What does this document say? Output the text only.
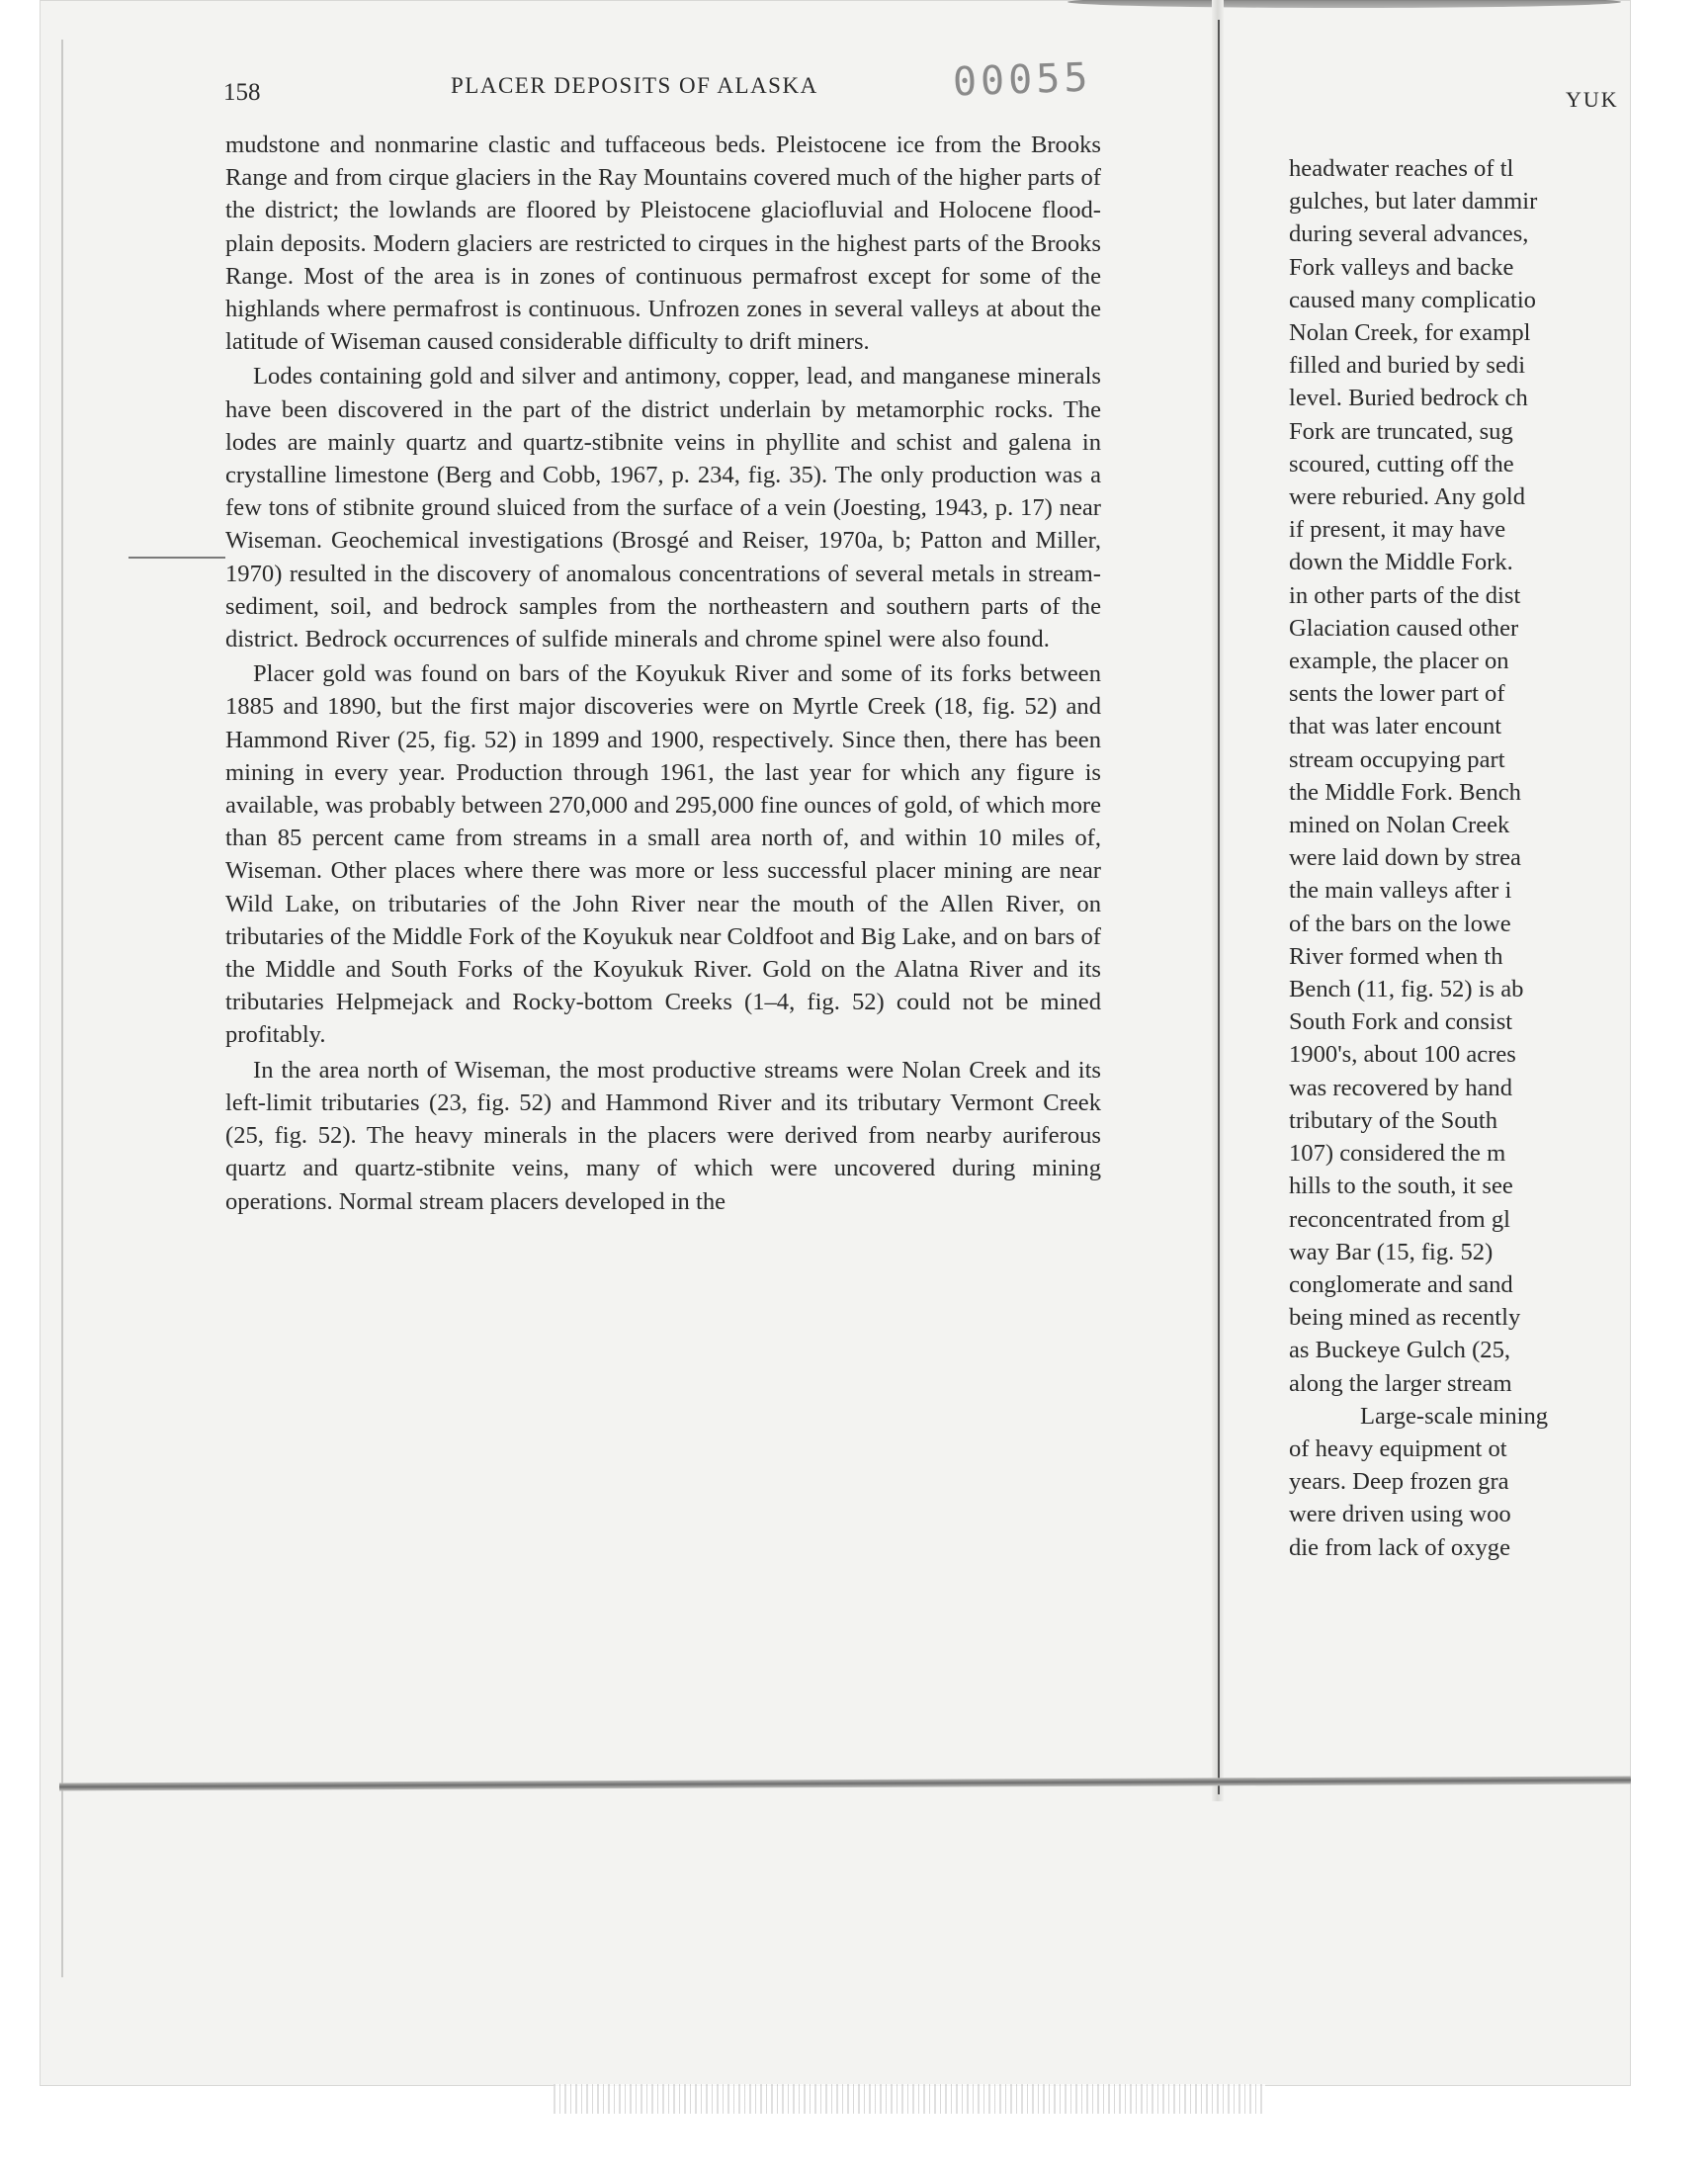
158	PLACER DEPOSITS OF ALASKA	00055	YUK

mudstone and nonmarine clastic and tuffaceous beds. Pleistocene ice from the Brooks Range and from cirque glaciers in the Ray Mountains covered much of the higher parts of the district; the lowlands are floored by Pleistocene glaciofluvial and Holocene flood-plain deposits. Modern glaciers are restricted to cirques in the highest parts of the Brooks Range. Most of the area is in zones of continuous permafrost except for some of the highlands where permafrost is continuous. Unfrozen zones in several valleys at about the latitude of Wiseman caused considerable difficulty to drift miners.

Lodes containing gold and silver and antimony, copper, lead, and manganese minerals have been discovered in the part of the district underlain by metamorphic rocks. The lodes are mainly quartz and quartz-stibnite veins in phyllite and schist and galena in crystalline limestone (Berg and Cobb, 1967, p. 234, fig. 35). The only production was a few tons of stibnite ground sluiced from the surface of a vein (Joesting, 1943, p. 17) near Wiseman. Geochemical investigations (Brosgé and Reiser, 1970a, b; Patton and Miller, 1970) resulted in the discovery of anomalous concentrations of several metals in stream-sediment, soil, and bedrock samples from the northeastern and southern parts of the district. Bedrock occurrences of sulfide minerals and chrome spinel were also found.

Placer gold was found on bars of the Koyukuk River and some of its forks between 1885 and 1890, but the first major discoveries were on Myrtle Creek (18, fig. 52) and Hammond River (25, fig. 52) in 1899 and 1900, respectively. Since then, there has been mining in every year. Production through 1961, the last year for which any figure is available, was probably between 270,000 and 295,000 fine ounces of gold, of which more than 85 percent came from streams in a small area north of, and within 10 miles of, Wiseman. Other places where there was more or less successful placer mining are near Wild Lake, on tributaries of the John River near the mouth of the Allen River, on tributaries of the Middle Fork of the Koyukuk near Coldfoot and Big Lake, and on bars of the Middle and South Forks of the Koyukuk River. Gold on the Alatna River and its tributaries Helpmejack and Rocky-bottom Creeks (1–4, fig. 52) could not be mined profitably.

In the area north of Wiseman, the most productive streams were Nolan Creek and its left-limit tributaries (23, fig. 52) and Hammond River and its tributary Vermont Creek (25, fig. 52). The heavy minerals in the placers were derived from nearby auriferous quartz and quartz-stibnite veins, many of which were uncovered during mining operations. Normal stream placers developed in the

headwater reaches of tl
gulches, but later dammir
during several advances,
Fork valleys and backe
caused many complicatio
Nolan Creek, for exampl
filled and buried by sedi
level. Buried bedrock ch
Fork are truncated, sug
scoured, cutting off the
were reburied. Any gold
if present, it may have
down the Middle Fork.
in other parts of the dist
Glaciation caused other
example, the placer on
sents the lower part of
that was later encount
stream occupying part
the Middle Fork. Bench
mined on Nolan Creek
were laid down by strea
the main valleys after i
of the bars on the lowe
River formed when th
Bench (11, fig. 52) is ab
South Fork and consist
1900's, about 100 acres
was recovered by hand
tributary of the South
107) considered the m
hills to the south, it see
reconcentrated from gl
way Bar (15, fig. 52)
conglomerate and sand
being mined as recently
as Buckeye Gulch (25,
along the larger stream
Large-scale mining
of heavy equipment ot
years. Deep frozen gra
were driven using woo
die from lack of oxyge
